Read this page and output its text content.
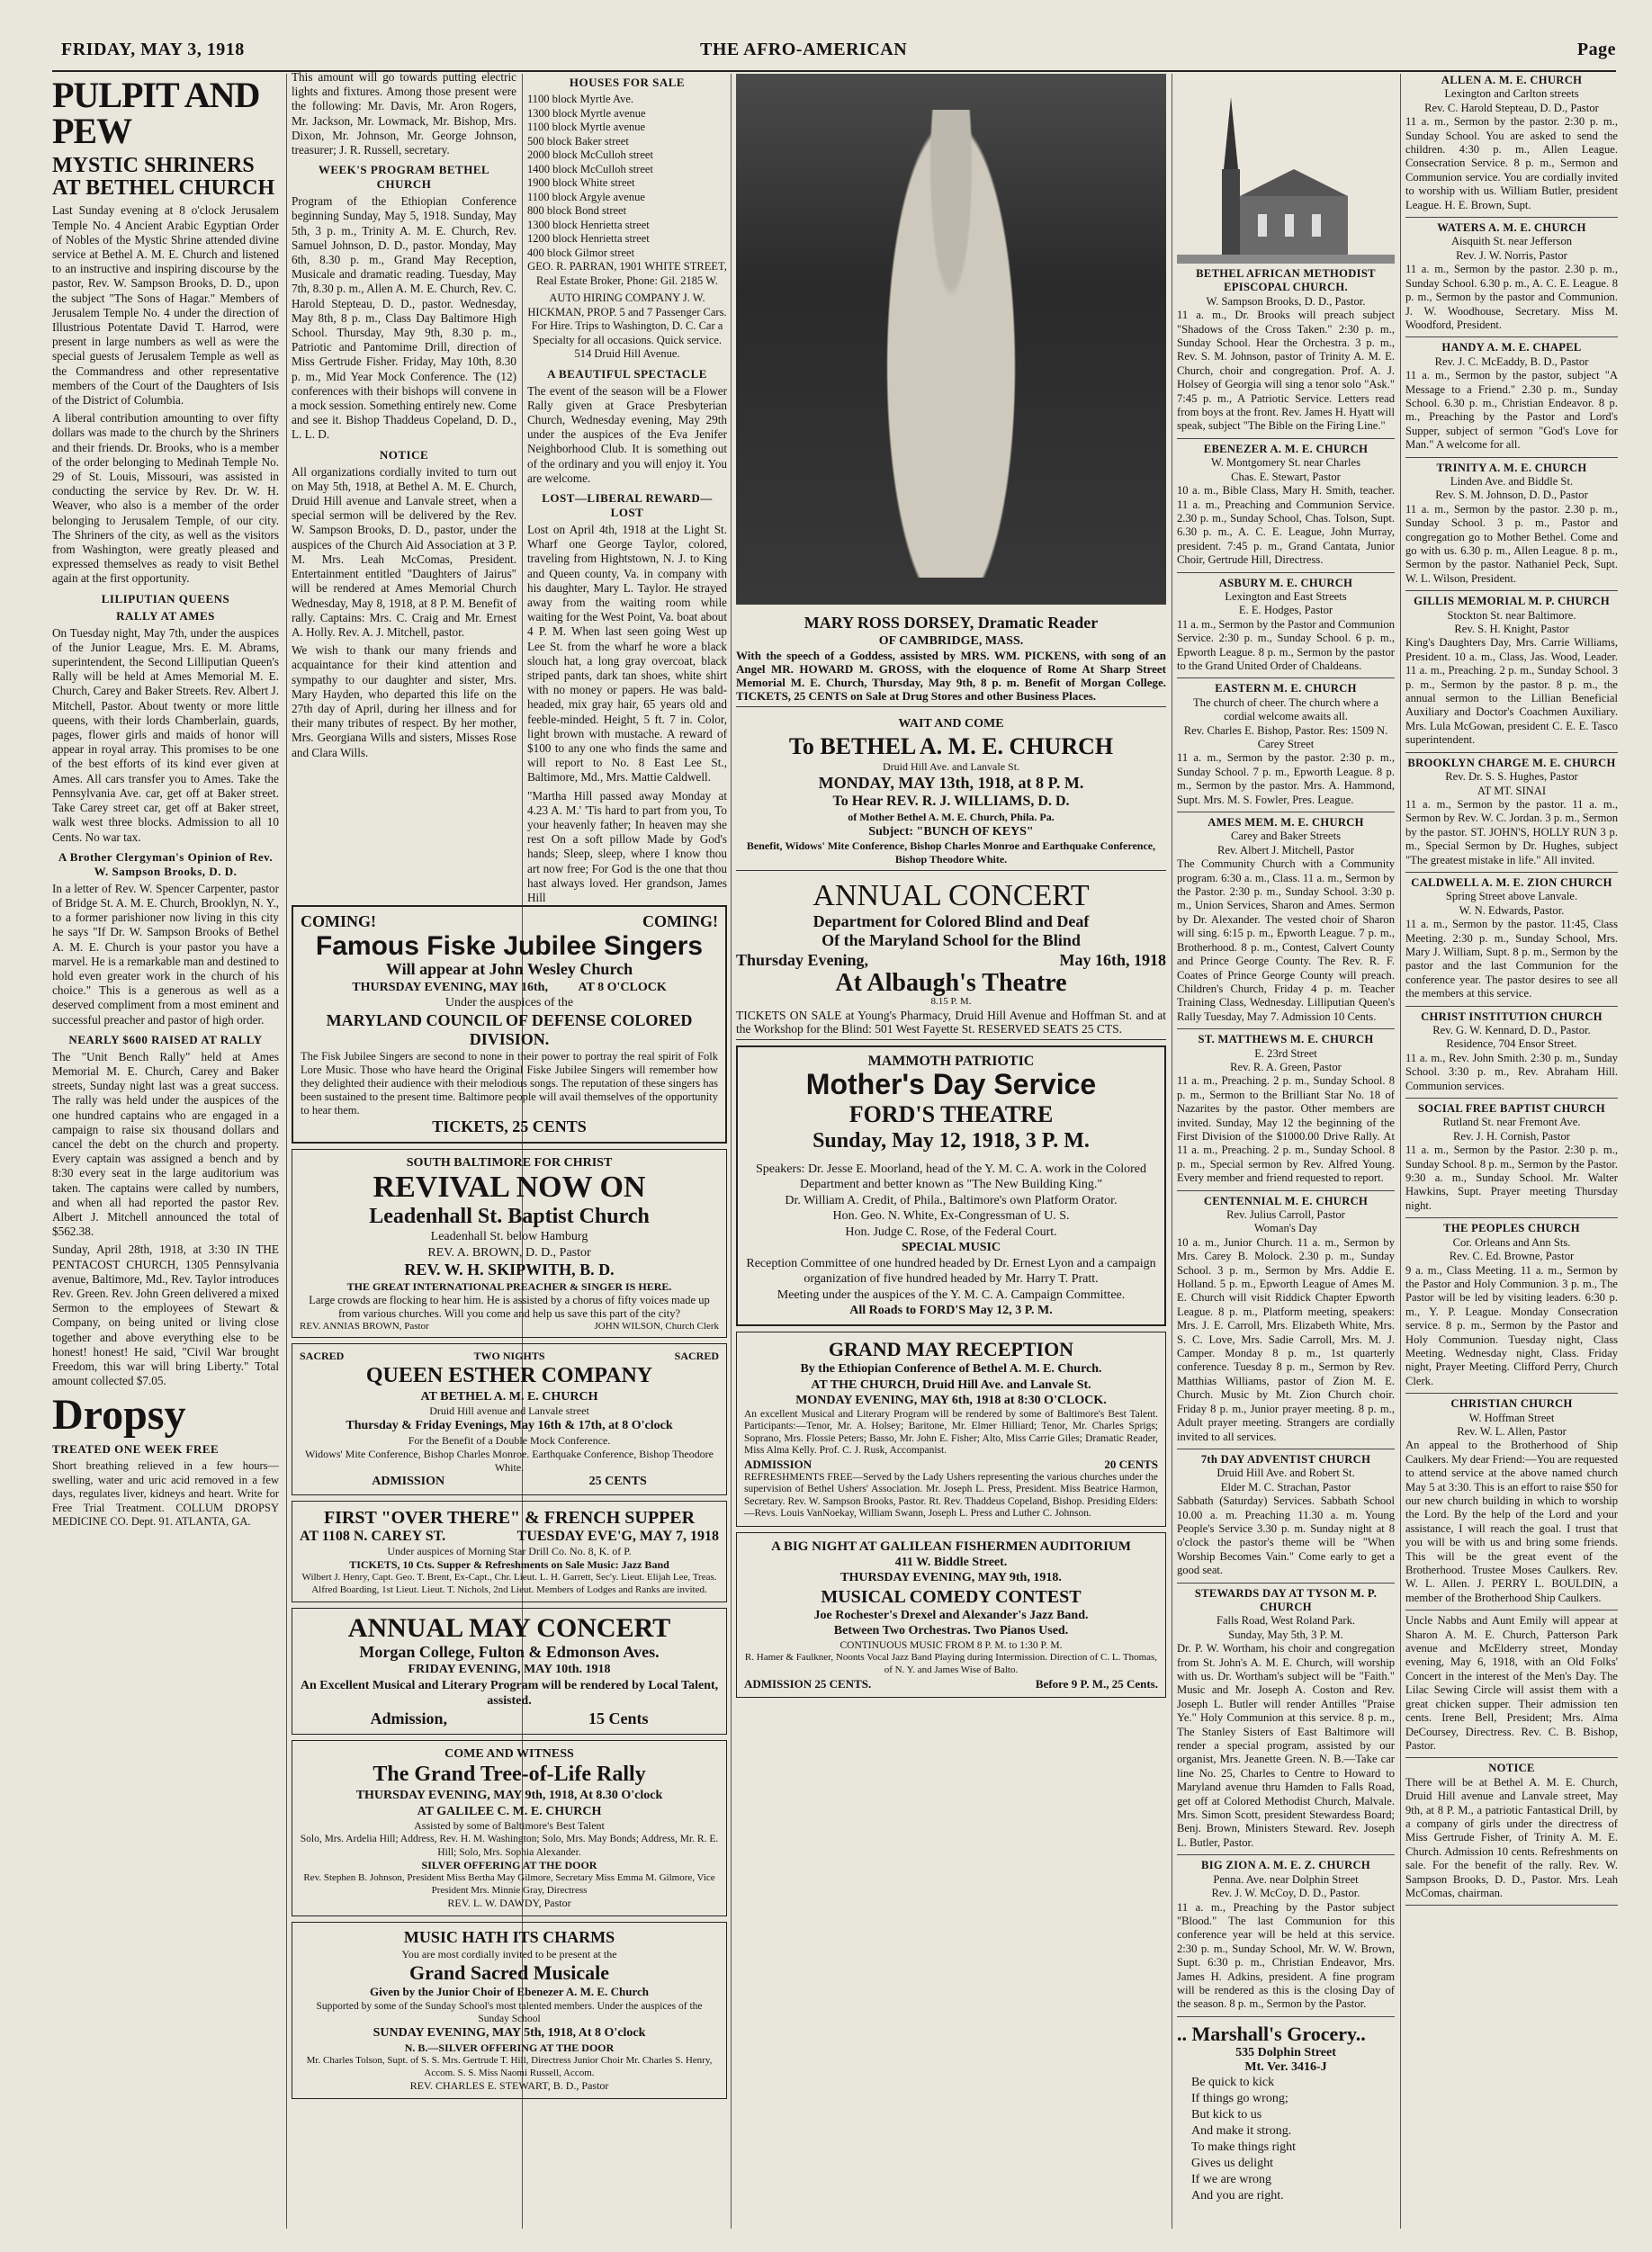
FRIDAY, MAY 3, 1918	THE AFRO-AMERICAN	Page
PULPIT AND PEW
MYSTIC SHRINERS AT BETHEL CHURCH

Last Sunday evening at 8 o'clock Jerusalem Temple No. 4 Ancient Arabic Egyptian Order of Nobles of the Mystic Shrine attended divine service at Bethel A. M. E. Church and listened to an instructive and inspiring discourse by the pastor, Rev. W. Sampson Brooks, D. D., upon the subject "The Sons of Hagar." Members of Jerusalem Temple No. 4 under the direction of Illustrious Potentate David T. Harrod, were present in large numbers as well as were the special guests of Jerusalem Temple as well as the Commandress and other representative members of the Court of the Daughters of Isis of the District of Columbia.

A liberal contribution amounting to over fifty dollars was made to the church by the Shriners and their friends. Dr. Brooks, who is a member of the order belonging to Medinah Temple No. 29 of St. Louis, Missouri, was assisted in conducting the service by Rev. Dr. W. H. Weaver, who also is a member of the order belonging to Jerusalem Temple, of our city. The Shriners of the city, as well as the visitors from Washington, were greatly pleased and expressed themselves as ready to visit Bethel again at the first opportunity.

LILIPUTIAN QUEENS
RALLY AT AMES

On Tuesday night, May 7th, under the auspices of the Junior League, Mrs. E. M. Abrams, superintendent, the Second Lilliputian Queen's Rally will be held at Ames Memorial M. E. Church, Carey and Baker Streets. Rev. Albert J. Mitchell, Pastor. About twenty or more little queens, with their lords Chamberlain, guards, pages, flower girls and maids of honor will appear in royal array. This promises to be one of the best efforts of its kind ever given at Ames. All cars transfer you to Ames. Take the Pennsylvania Ave. car, get off at Baker street. Take Carey street car, get off at Baker street, walk west three blocks. Admission to all 10 Cents. No war tax.

A Brother Clergyman's Opinion of Rev. W. Sampson Brooks, D. D.

In a letter of Rev. W. Spencer Carpenter, pastor of Bridge St. A. M. E. Church, Brooklyn, N. Y., to a former parishioner now living in this city he says "If Dr. W. Sampson Brooks of Bethel A. M. E. Church is your pastor you have a marvel. He is a remarkable man and destined to hold even greater work in the church of his choice." This is a generous as well as a deserved compliment from a most eminent and successful preacher and pastor of high order.

NEARLY $600 RAISED AT RALLY

The "Unit Bench Rally" held at Ames Memorial M. E. Church, Carey and Baker streets, Sunday night last was a great success. The rally was held under the auspices of the one hundred captains who are engaged in a campaign to raise six thousand dollars and cancel the debt on the church and property. Every captain was assigned a bench and by 8:30 every seat in the large auditorium was taken. The captains were called by numbers, and when all had reported the pastor Rev. Albert J. Mitchell announced the total of $562.38.

Sunday, April 28th, 1918, at 3:30 IN THE PENTACOST CHURCH, 1305 Pennsylvania avenue, Baltimore, Md., Rev. Taylor introduces Rev. Green. Rev. John Green delivered a mixed Sermon to the employees of Stewart & Company, on being united or living close together and above everything else to be honest! honest! He said, "Civil War brought Freedom, this war will bring Liberty." Total amount collected $7.05.

Dropsy
TREATED ONE WEEK FREE

Short breathing relieved in a few hours—swelling, water and uric acid removed in a few days, regulates liver, kidneys and heart. Write for Free Trial Treatment. COLLUM DROPSY MEDICINE CO. Dept. 91. ATLANTA, GA.

This amount will go towards putting electric lights and fixtures. Among those present were the following: Mr. Davis, Mr. Aron Rogers, Mr. Jackson, Mr. Lowmack, Mr. Bishop, Mrs. Dixon, Mr. Johnson, Mr. George Johnson, treasurer; J. R. Russell, secretary.

WEEK'S PROGRAM BETHEL CHURCH

Program of the Ethiopian Conference beginning Sunday, May 5, 1918. Sunday, May 5th, 3 p. m., Trinity A. M. E. Church, Rev. Samuel Johnson, D. D., pastor. Monday, May 6th, 8.30 p. m., Grand May Reception, Musicale and dramatic reading. Tuesday, May 7th, 8.30 p. m., Allen A. M. E. Church, Rev. C. Harold Stepteau, D. D., pastor. Wednesday, May 8th, 8 p. m., Class Day Baltimore High School. Thursday, May 9th, 8.30 p. m., Patriotic and Pantomime Drill, direction of Miss Gertrude Fisher. Friday, May 10th, 8.30 p. m., Mid Year Mock Conference. The (12) conferences with their bishops will convene in a mock session. Something entirely new. Come and see it. Bishop Thaddeus Copeland, D. D., L. L. D.

NOTICE

All organizations cordially invited to turn out on May 5th, 1918, at Bethel A. M. E. Church, Druid Hill avenue and Lanvale street, when a special sermon will be delivered by the Rev. W. Sampson Brooks, D. D., pastor, under the auspices of the Church Aid Association at 3 P. M. Mrs. Leah McComas, President. Entertainment entitled "Daughters of Jairus" will be rendered at Ames Memorial Church Wednesday, May 8, 1918, at 8 P. M. Benefit of rally. Captains: Mrs. C. Craig and Mr. Ernest A. Holly. Rev. A. J. Mitchell, pastor.

We wish to thank our many friends and acquaintance for their kind attention and sympathy to our daughter and sister, Mrs. Mary Hayden, who departed this life on the 27th day of April, during her illness and for their many tributes of respect. By her mother, Mrs. Georgiana Wills and sisters, Misses Rose and Clara Wills.

HOUSES FOR SALE
1100 block Myrtle Ave.
1300 block Myrtle avenue
1100 block Myrtle avenue
500 block Baker street
2000 block McCulloh street
1400 block McCulloh street
1900 block White street
1100 block Argyle avenue
800 block Bond street
1300 block Henrietta street
1200 block Henrietta street
400 block Gilmor street

GEO. R. PARRAN, 1901 WHITE STREET, Real Estate Broker, Phone: Gil. 2185 W.

AUTO HIRING COMPANY J. W. HICKMAN, PROP. 5 and 7 Passenger Cars. For Hire. Trips to Washington, D. C. Car a Specialty for all occasions. Quick service. 514 Druid Hill Avenue.

A BEAUTIFUL SPECTACLE

The event of the season will be a Flower Rally given at Grace Presbyterian Church, Wednesday evening, May 29th under the auspices of the Eva Jenifer Neighborhood Club. It is something out of the ordinary and you will enjoy it. You are welcome.

LOST—LIBERAL REWARD—LOST

Lost on April 4th, 1918 at the Light St. Wharf one George Taylor, colored, traveling from Hightstown, N. J. to King and Queen county, Va. in company with his daughter, Mary L. Taylor. He strayed away from the waiting room while waiting for the West Point, Va. boat about 4 P. M. When last seen going West up Lee St. from the wharf he wore a black slouch hat, a long gray overcoat, black striped pants, dark tan shoes, white shirt with no money or papers. He was bald-headed, mix gray hair, 65 years old and feeble-minded. Height, 5 ft. 7 in. Color, light brown with mustache. A reward of $100 to any one who finds the same and will report to No. 8 East Lee St., Baltimore, Md., Mrs. Mattie Caldwell.

"Martha Hill passed away Monday at 4.23 A. M.' 'Tis hard to part from you, To your heavenly father; In heaven may she rest On a soft pillow Made by God's hands; Sleep, sleep, where I know thou art now free; For God is the one that thou hast always loved. Her grandson, James Hill

COMING!	COMING!
Famous Fiske Jubilee Singers
Will appear at John Wesley Church
THURSDAY EVENING, MAY 16th, AT 8 O'CLOCK
Under the auspices of the
MARYLAND COUNCIL OF DEFENSE COLORED DIVISION.
The Fisk Jubilee Singers are second to none in their power to portray the real spirit of Folk Lore Music. Those who have heard the Original Fiske Jubilee Singers will remember how they delighted their audience with their melodious songs. The reputation of these singers has been sustained to the present time. Baltimore people will avail themselves of the opportunity to hear them.
TICKETS, 25 CENTS
SOUTH BALTIMORE FOR CHRIST
REVIVAL NOW ON
Leadenhall St. Baptist Church
Leadenhall St. below Hamburg
REV. A. BROWN, D. D., Pastor
REV. W. H. SKIPWITH, B. D.
THE GREAT INTERNATIONAL PREACHER & SINGER IS HERE.
Large crowds are flocking to hear him. He is assisted by a chorus of fifty voices made up from various churches. Will you come and help us save this part of the city?
REV. ANNIAS BROWN, Pastor	JOHN WILSON, Church Clerk
SACRED	TWO NIGHTS	SACRED
QUEEN ESTHER COMPANY
AT BETHEL A. M. E. CHURCH
Druid Hill avenue and Lanvale street
Thursday & Friday Evenings, May 16th & 17th, at 8 O'clock
For the Benefit of a Double Mock Conference.
Widows' Mite Conference, Bishop Charles Monroe. Earthquake Conference, Bishop Theodore White.
ADMISSION	25 CENTS
FIRST "OVER THERE" & FRENCH SUPPER
AT 1108 N. CAREY ST.	TUESDAY EVE'G, MAY 7, 1918
Under auspices of Morning Star Drill Co. No. 8, K. of P.
TICKETS, 10 Cts. Supper & Refreshments on Sale Music: Jazz Band
Wilbert J. Henry, Capt. Geo. T. Brent, Ex-Capt., Chr. Lieut. L. H. Garrett, Sec'y. Lieut. Elijah Lee, Treas. Alfred Boarding, 1st Lieut. Lieut. T. Nichols, 2nd Lieut. Members of Lodges and Ranks are invited.
ANNUAL MAY CONCERT
Morgan College, Fulton & Edmonson Aves.
FRIDAY EVENING, MAY 10th. 1918
An Excellent Musical and Literary Program will be rendered by Local Talent, assisted.
Admission,	15 Cents
COME AND WITNESS
The Grand Tree-of-Life Rally
THURSDAY EVENING, MAY 9th, 1918, At 8.30 O'clock
AT GALILEE C. M. E. CHURCH
Assisted by some of Baltimore's Best Talent
Solo, Mrs. Ardelia Hill; Address, Rev. H. M. Washington; Solo, Mrs. May Bonds; Address, Mr. R. E. Hill; Solo, Mrs. Sophia Alexander.
SILVER OFFERING AT THE DOOR
Rev. Stephen B. Johnson, President Miss Bertha May Gilmore, Secretary Miss Emma M. Gilmore, Vice President Mrs. Minnie Gray, Directress
REV. L. W. DAWDY, Pastor
MUSIC HATH ITS CHARMS
You are most cordially invited to be present at the
Grand Sacred Musicale
Given by the Junior Choir of Ebenezer A. M. E. Church
Supported by some of the Sunday School's most talented members. Under the auspices of the Sunday School
SUNDAY EVENING, MAY 5th, 1918, At 8 O'clock
N. B.—SILVER OFFERING AT THE DOOR
Mr. Charles Tolson, Supt. of S. S. Mrs. Gertrude T. Hill, Directress Junior Choir Mr. Charles S. Henry, Accom. S. S. Miss Naomi Russell, Accom.
REV. CHARLES E. STEWART, B. D., Pastor
MARY ROSS DORSEY, Dramatic Reader
OF CAMBRIDGE, MASS.
With the speech of a Goddess, assisted by MRS. WM. PICKENS, with song of an Angel MR. HOWARD M. GROSS, with the eloquence of Rome At Sharp Street Memorial M. E. Church, Thursday, May 9th, 8 p. m. Benefit of Morgan College. TICKETS, 25 CENTS on Sale at Drug Stores and other Business Places.
WAIT AND COME
To BETHEL A. M. E. CHURCH
Druid Hill Ave. and Lanvale St.
MONDAY, MAY 13th, 1918, at 8 P. M.
To Hear REV. R. J. WILLIAMS, D. D.
of Mother Bethel A. M. E. Church, Phila. Pa.
Subject: "BUNCH OF KEYS"
Benefit, Widows' Mite Conference, Bishop Charles Monroe and Earthquake Conference, Bishop Theodore White.
ANNUAL CONCERT
Department for Colored Blind and Deaf
Of the Maryland School for the Blind
Thursday Evening,	May 16th, 1918
At Albaugh's Theatre
8.15 P. M.
TICKETS ON SALE at Young's Pharmacy, Druid Hill Avenue and Hoffman St. and at the Workshop for the Blind: 501 West Fayette St. RESERVED SEATS 25 CTS.
MAMMOTH PATRIOTIC
Mother's Day Service
FORD'S THEATRE
Sunday, May 12, 1918, 3 P. M.
Speakers: Dr. Jesse E. Moorland, head of the Y. M. C. A. work in the Colored Department and better known as "The New Building King."
Dr. William A. Credit, of Phila., Baltimore's own Platform Orator.
Hon. Geo. N. White, Ex-Congressman of U. S.
Hon. Judge C. Rose, of the Federal Court.
SPECIAL MUSIC
Reception Committee of one hundred headed by Dr. Ernest Lyon and a campaign organization of five hundred headed by Mr. Harry T. Pratt.
Meeting under the auspices of the Y. M. C. A. Campaign Committee.
All Roads to FORD'S May 12, 3 P. M.
GRAND MAY RECEPTION
By the Ethiopian Conference of Bethel A. M. E. Church.
AT THE CHURCH, Druid Hill Ave. and Lanvale St.
MONDAY EVENING, MAY 6th, 1918 at 8:30 O'CLOCK.
An excellent Musical and Literary Program will be rendered by some of Baltimore's Best Talent. Participants:—Tenor, Mr. A. Holsey; Baritone, Mr. Elmer Hilliard; Tenor, Mr. Charles Sprigs; Soprano, Mrs. Flossie Peters; Basso, Mr. John E. Fisher; Alto, Miss Carrie Giles; Dramatic Reader, Miss Alma Kelly. Prof. C. J. Rusk, Accompanist.
ADMISSION	20 CENTS
REFRESHMENTS FREE—Served by the Lady Ushers representing the various churches under the supervision of Bethel Ushers' Association. Mr. Joseph L. Press, President. Miss Beatrice Harmon, Secretary. Rev. W. Sampson Brooks, Pastor. Rt. Rev. Thaddeus Copeland, Bishop. Presiding Elders:—Revs. Louis VanNoekay, William Swann, Joseph L. Press and Luther C. Johnson.
A BIG NIGHT AT GALILEAN FISHERMEN AUDITORIUM
411 W. Biddle Street.
THURSDAY EVENING, MAY 9th, 1918.
MUSICAL COMEDY CONTEST
Joe Rochester's Drexel and Alexander's Jazz Band.
Between Two Orchestras. Two Pianos Used.
CONTINUOUS MUSIC FROM 8 P. M. to 1:30 P. M.
R. Hamer & Faulkner, Noonts Vocal Jazz Band Playing during Intermission. Direction of C. L. Thomas, of N. Y. and James Wise of Balto.
ADMISSION 25 CENTS.	Before 9 P. M., 25 Cents.
BETHEL AFRICAN METHODIST EPISCOPAL CHURCH.
W. Sampson Brooks, D. D., Pastor.
11 a. m., Dr. Brooks will preach subject "Shadows of the Cross Taken." 2:30 p. m., Sunday School. Hear the Orchestra. 3 p. m., Rev. S. M. Johnson, pastor of Trinity A. M. E. Church, choir and congregation. Prof. A. J. Holsey of Georgia will sing a tenor solo "Ask." 7:45 p. m., A Patriotic Service. Letters read from boys at the front. Rev. James H. Hyatt will speak, subject "The Bible on the Firing Line."
EBENEZER A. M. E. CHURCH
W. Montgomery St. near Charles
Chas. E. Stewart, Pastor
10 a. m., Bible Class, Mary H. Smith, teacher. 11 a. m., Preaching and Communion Service. 2.30 p. m., Sunday School, Chas. Tolson, Supt. 6.30 p. m., A. C. E. League, John Murray, president. 7:45 p. m., Grand Cantata, Junior Choir, Gertrude Hill, Directress.
ASBURY M. E. CHURCH
Lexington and East Streets
E. E. Hodges, Pastor
11 a. m., Sermon by the Pastor and Communion Service. 2:30 p. m., Sunday School. 6 p. m., Epworth League. 8 p. m., Sermon by the pastor to the Grand United Order of Chaldeans.
EASTERN M. E. CHURCH
The church of cheer. The church where a cordial welcome awaits all.
Rev. Charles E. Bishop, Pastor. Res: 1509 N. Carey Street
11 a. m., Sermon by the pastor. 2:30 p. m., Sunday School. 7 p. m., Epworth League. 8 p. m., Sermon by the pastor. Mrs. A. Hammond, Supt. Mrs. M. S. Fowler, Pres. League.
AMES MEM. M. E. CHURCH
Carey and Baker Streets
Rev. Albert J. Mitchell, Pastor
The Community Church with a Community program. 6:30 a. m., Class. 11 a. m., Sermon by the Pastor. 2:30 p. m., Sunday School. 3:30 p. m., Union Services, Sharon and Ames. Sermon by Dr. Alexander. The vested choir of Sharon will sing. 6:15 p. m., Epworth League. 7 p. m., Brotherhood. 8 p. m., Contest, Calvert County and Prince George County. The Rev. R. F. Coates of Prince George County will preach. Children's Church, Friday 4 p. m. Teacher Training Class, Wednesday. Lilliputian Queen's Rally Tuesday, May 7. Admission 10 Cents.
ST. MATTHEWS M. E. CHURCH
E. 23rd Street
Rev. R. A. Green, Pastor
11 a. m., Preaching. 2 p. m., Sunday School. 8 p. m., Sermon to the Brilliant Star No. 18 of Nazarites by the pastor. Other members are invited. Sunday, May 12 the beginning of the First Division of the $1000.00 Drive Rally. At 11 a. m., Preaching. 2 p. m., Sunday School. 8 p. m., Special sermon by Rev. Alfred Young. Every member and friend requested to report.
CENTENNIAL M. E. CHURCH
Rev. Julius Carroll, Pastor
Woman's Day
10 a. m., Junior Church. 11 a. m., Sermon by Mrs. Carey B. Molock. 2.30 p. m., Sunday School. 3 p. m., Sermon by Mrs. Addie E. Holland. 5 p. m., Epworth League of Ames M. E. Church will visit Riddick Chapter Epworth League. 8 p. m., Platform meeting, speakers: Mrs. J. E. Carroll, Mrs. Elizabeth White, Mrs. S. C. Love, Mrs. Sadie Carroll, Mrs. M. J. Camper. Monday 8 p. m., 1st quarterly conference. Tuesday 8 p. m., Sermon by Rev. Matthias Williams, pastor of Zion M. E. Church. Music by Mt. Zion Church choir. Friday 8 p. m., Junior prayer meeting. 8 p. m., Adult prayer meeting. Strangers are cordially invited to all services.
7th DAY ADVENTIST CHURCH
Druid Hill Ave. and Robert St.
Elder M. C. Strachan, Pastor
Sabbath (Saturday) Services. Sabbath School 10.00 a. m. Preaching 11.30 a. m. Young People's Service 3.30 p. m. Sunday night at 8 o'clock the pastor's theme will be "When Worship Becomes Vain." Come early to get a good seat.
STEWARDS DAY AT TYSON M. P. CHURCH
Falls Road, West Roland Park.
Sunday, May 5th, 3 P. M.
Dr. P. W. Wortham, his choir and congregation from St. John's A. M. E. Church, will worship with us. Dr. Wortham's subject will be "Faith." Music and Mr. Joseph A. Coston and Rev. Joseph L. Butler will render Antilles "Praise Ye." Holy Communion at this service. 8 p. m., The Stanley Sisters of East Baltimore will render a special program, assisted by our organist, Mrs. Jeanette Green. N. B.—Take car line No. 25, Charles to Centre to Howard to Maryland avenue thru Hamden to Falls Road, get off at Colored Methodist Church, Malvale. Mrs. Simon Scott, president Stewardess Board; Benj. Brown, Ministers Steward. Rev. Joseph L. Butler, Pastor.
BIG ZION A. M. E. Z. CHURCH
Penna. Ave. near Dolphin Street
Rev. J. W. McCoy, D. D., Pastor.
11 a. m., Preaching by the Pastor subject "Blood." The last Communion for this conference year will be held at this service. 2:30 p. m., Sunday School, Mr. W. W. Brown, Supt. 6:30 p. m., Christian Endeavor, Mrs. James H. Adkins, president. A fine program will be rendered as this is the closing Day of the season. 8 p. m., Sermon by the Pastor.
.. Marshall's Grocery..
535 Dolphin Street
Mt. Ver. 3416-J
Be quick to kick
If things go wrong;
But kick to us
And make it strong.
To make things right
Gives us delight
If we are wrong
And you are right.
ALLEN A. M. E. CHURCH
Lexington and Carlton streets
Rev. C. Harold Stepteau, D. D., Pastor
11 a. m., Sermon by the pastor. 2:30 p. m., Sunday School. You are asked to send the children. 4:30 p. m., Allen League. Consecration Service. 8 p. m., Sermon and Communion service. You are cordially invited to worship with us. William Butler, president League. H. E. Brown, Supt.
WATERS A. M. E. CHURCH
Aisquith St. near Jefferson
Rev. J. W. Norris, Pastor
11 a. m., Sermon by the pastor. 2.30 p. m., Sunday School. 6.30 p. m., A. C. E. League. 8 p. m., Sermon by the pastor and Communion. J. W. Woodhouse, Secretary. Miss M. Woodford, President.
HANDY A. M. E. CHAPEL
Rev. J. C. McEaddy, B. D., Pastor
11 a. m., Sermon by the pastor, subject "A Message to a Friend." 2.30 p. m., Sunday School. 6.30 p. m., Christian Endeavor. 8 p. m., Preaching by the Pastor and Lord's Supper, subject of sermon "God's Love for Man." A welcome for all.
TRINITY A. M. E. CHURCH
Linden Ave. and Biddle St.
Rev. S. M. Johnson, D. D., Pastor
11 a. m., Sermon by the pastor. 2.30 p. m., Sunday School. 3 p. m., Pastor and congregation go to Mother Bethel. Come and go with us. 6.30 p. m., Allen League. 8 p. m., Sermon by the pastor. Nathaniel Peck, Supt. W. L. Wilson, President.
GILLIS MEMORIAL M. P. CHURCH
Stockton St. near Baltimore.
Rev. S. H. Knight, Pastor
King's Daughters Day, Mrs. Carrie Williams, President. 10 a. m., Class, Jas. Wood, Leader. 11 a. m., Preaching. 2 p. m., Sunday School. 3 p. m., Sermon by the pastor. 8 p. m., the annual sermon to the Lillian Beneficial Auxiliary and Doctor's Coachmen Auxiliary. Mrs. Lula McGowan, president C. E. E. Tasco superintendent.
BROOKLYN CHARGE M. E. CHURCH
Rev. Dr. S. S. Hughes, Pastor
AT MT. SINAI
11 a. m., Sermon by the pastor. 11 a. m., Sermon by Rev. W. C. Jordan. 3 p. m., Sermon by the pastor. ST. JOHN'S, HOLLY RUN 3 p. m., Special Sermon by Dr. Hughes, subject "The greatest mistake in life." All invited.
CALDWELL A. M. E. ZION CHURCH
Spring Street above Lanvale.
W. N. Edwards, Pastor.
11 a. m., Sermon by the pastor. 11:45, Class Meeting. 2:30 p. m., Sunday School, Mrs. Mary J. William, Supt. 8 p. m., Sermon by the pastor and the last Communion for the conference year. The pastor desires to see all the members at this service.
CHRIST INSTITUTION CHURCH
Rev. G. W. Kennard, D. D., Pastor.
Residence, 704 Ensor Street.
11 a. m., Rev. John Smith. 2:30 p. m., Sunday School. 3:30 p. m., Rev. Abraham Hill. Communion services.
SOCIAL FREE BAPTIST CHURCH
Rutland St. near Fremont Ave.
Rev. J. H. Cornish, Pastor
11 a. m., Sermon by the Pastor. 2:30 p. m., Sunday School. 8 p. m., Sermon by the Pastor. 9:30 a. m., Sunday School. Mr. Walter Hawkins, Supt. Prayer meeting Thursday night.
THE PEOPLES CHURCH
Cor. Orleans and Ann Sts.
Rev. C. Ed. Browne, Pastor
9 a. m., Class Meeting. 11 a. m., Sermon by the Pastor and Holy Communion. 3 p. m., The Pastor will be led by visiting leaders. 6:30 p. m., Y. P. League. Monday Consecration service. 8 p. m., Sermon by the Pastor and Holy Communion. Tuesday night, Class Meeting. Wednesday night, Class. Friday night, Prayer Meeting. Clifford Perry, Church Clerk.
CHRISTIAN CHURCH
W. Hoffman Street
Rev. W. L. Allen, Pastor
An appeal to the Brotherhood of Ship Caulkers. My dear Friend:—You are requested to attend service at the above named church May 5 at 3:30. This is an effort to raise $50 for our new church building in which to worship the Lord. By the help of the Lord and your assistance, I will reach the goal. I trust that you will be with us and bring some friends. This will be the great event of the Brotherhood. Trustee Moses Caulkers. Rev. W. L. Allen. J. PERRY L. BOULDIN, a member of the Brotherhood Ship Caulkers.
Uncle Nabbs and Aunt Emily will appear at Sharon A. M. E. Church, Patterson Park avenue and McElderry street, Monday evening, May 6, 1918, with an Old Folks' Concert in the interest of the Men's Day. The Lilac Sewing Circle will assist them with a great chicken supper. Their admission ten cents. Irene Bell, President; Mrs. Alma DeCoursey, Directress. Rev. C. B. Bishop, Pastor.
NOTICE
There will be at Bethel A. M. E. Church, Druid Hill avenue and Lanvale street, May 9th, at 8 P. M., a patriotic Fantastical Drill, by a company of girls under the directress of Miss Gertrude Fisher, of Trinity A. M. E. Church. Admission 10 cents. Refreshments on sale. For the benefit of the rally. Rev. W. Sampson Brooks, D. D., Pastor. Mrs. Leah McComas, chairman.
